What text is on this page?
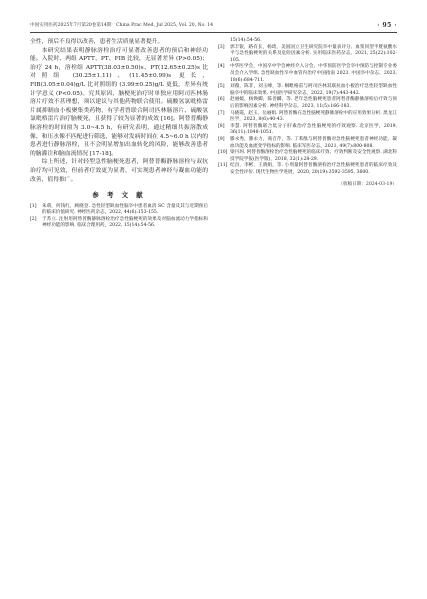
中国实用医药2025年7月第20卷第14期　China Prac Med, Jul 2025, Vol. 20, No. 14	· 95 ·

全性，预后不良得以改善，患者生活质量显著提升。

本研究结果表明静脉溶栓治疗可显著改善患者的预后和神经功能。入院时、两组 APTT、PT、FIB 比较，无显著差异 (P>0.05)；治疗 24 h，溶栓组 APTT(38.03±0.50)s、PT(12.65±0.25)s 比对照组 (30.25±1.11)、(11.45±0.99)s 更长，FIB(3.05±0.04)g/L 比对照组的 (3.99±0.25)g/L 更低，差异有统计学意义 (P<0.05)。究其原因，脑梗死治疗时单独应用阿司匹林肠溶片疗效不甚理想，须以建议与其他药物联合使用。硫酸氢氯吡格雷片属抑制血小板聚集类药物，有学者曾联合阿司匹林肠溶片、硫酸氢氯吡格雷片治疗脑梗死，且获得了较为显著的成效 [16]。阿替普酶静脉溶栓的时间窗为 3.0~4.5 h，有研究表明，通过精细共振溶散成像，和压水像不匹配进行筛选，能够对发病时间在 4.5~6.0 h 以内的患者进行静脉溶栓，且不会明显增加出血转化的风险，能够改善患者的脑灌注和脑血流情况 [17-18]。

综上所述，针对轻型急性脑梗死患者，阿替普酶静脉溶栓与双抗治疗均可见效，但前者疗效更为显著，可实现患者神经与凝血功能的改善，值得推广。

参 考 文 献

[1] 朱萌，何钱红，顾晓登. 急性轻型缺血性脑卒中患者血清 SC 含量及其与近期预后的临床价值研究. 神经医药杂志，2022, 44(6):153-155.

[2] 于苏立. 注射用阿替普酶静脉溶栓治疗急性脑梗死的效果及对脑血流动力学指标和神经功能的影响. 临床合理用药，2022, 15(14):54-56.

15(14):54-56.

[3] 郭丰银，路有长，杨琦，美国国立卫生研究院卒中量表评分、血浆同型半胱氨酸水平与急性脑梗死的关系及危险因素分析. 实用临床医药杂志，2021, 25(22):102-105.

[4] 中华医学会，中国卒中学会神经介入分会，中华预防医学会卒中预防与控制专业委员会介入学组. 急性缺血性卒中血管内治疗中国指南 2023. 中国卒中杂志，2023, 18(6):684-711.

[5] 刘薇，陈非，刘玉峰，等. 桐毗格雷与阿司匹林双联抗血小板治疗急性轻型缺血性脑卒中的临床效果. 中国医学研究杂志，2022, 19(7):443-442.

[6] 赵丽媛，杨焕卿，陈善麟，等. 老年急性脑梗死患者阿替普酶静脉溶栓后疗效与预后的影响因素分析. 神经科学杂志，2023, 11(5):166-183.

[7] 马晓霞，赵玉，岳丽娟. 阿替普酶在急性脑梗死静脉溶栓中的应用效果分析. 黑龙江医学，2023, 8(6):40-43.

[8] 李慧. 阿替普酶联合低分子肝素治疗急性脑梗死的疗效观察. 北京医学，2019, 36(11):1048-1051.

[9] 滕永秀，滕永力，商召芹，等. 丁苯酞与阿替普酶对急性脑梗死患者神经功能、凝血功能及血流变学指标的影响. 临床军医杂志，2021, 49(7):800-808.

[10] 梁丹珂. 阿替普酶溶栓治疗急性脑梗死的临床疗效、疗效判断及安全性观察. 湖北科技学院学报(医学版)，2018, 32(1):28-29.

[11] 纪昌，李彬，王晓娟，等. 小剂量阿替普酶溶栓治疗急性脑梗死患者的临床疗效及安全性评价. 现代生物医学进展，2020, 20(19):3592-3595, 3600.

（收稿日期：2024-03-19）
